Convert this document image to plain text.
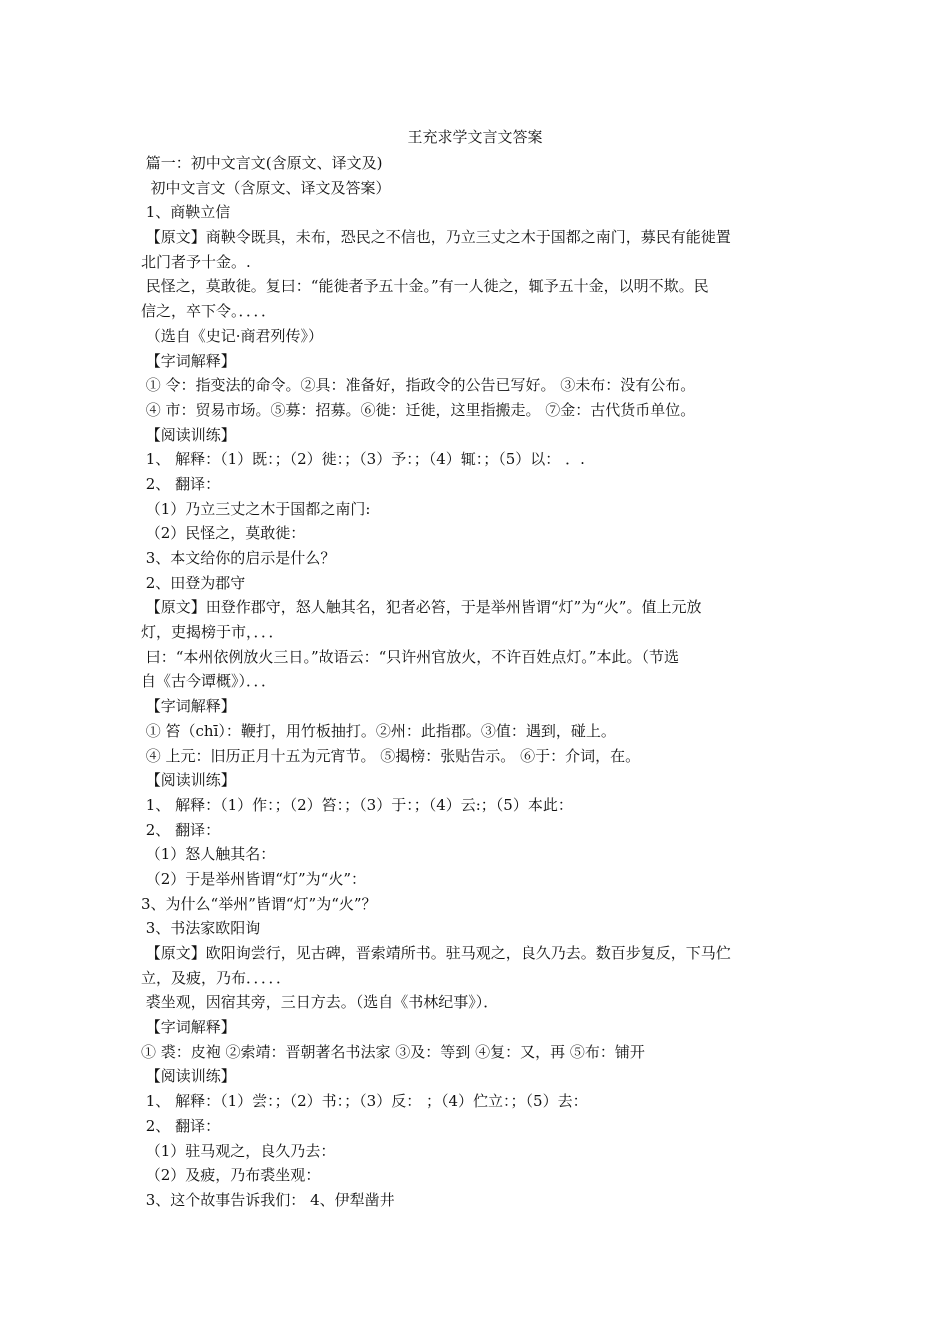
王充求学文言文答案
篇一：初中文言文(含原文、译文及)
初中文言文（含原文、译文及答案）
1、商鞅立信
【原文】商鞅令既具，未布，恐民之不信也，乃立三丈之木于国都之南门，募民有能徙置
北门者予十金。.
民怪之，莫敢徙。复曰：“能徙者予五十金。”有一人徙之，辄予五十金，以明不欺。民
信之，卒下令。．．．．
（选自《史记·商君列传》）
【字词解释】
① 令：指变法的命令。②具：准备好，指政令的公告已写好。 ③未布：没有公布。
④ 市：贸易市场。⑤募：招募。⑥徙：迁徙，这里指搬走。 ⑦金：古代货币单位。
【阅读训练】
1、 解释：（1）既：；（2）徙：；（3）予：；（4）辄：；（5）以： ．.
2、 翻译：
（1）乃立三丈之木于国都之南门:
（2）民怪之，莫敢徙：
3、本文给你的启示是什么？
2、田登为郡守
【原文】田登作郡守，怒人触其名，犯者必笞，于是举州皆谓“灯”为“火”。值上元放
灯，吏揭榜于市，．．．
曰：“本州依例放火三日。”故语云：“只许州官放火，不许百姓点灯。”本此。（节选
自《古今谭概》）．．．
【字词解释】
① 笞（chī）：鞭打，用竹板抽打。②州：此指郡。③值：遇到，碰上。
④ 上元：旧历正月十五为元宵节。 ⑤揭榜：张贴告示。 ⑥于：介词，在。
【阅读训练】
1、 解释：（1）作：；（2）笞：；（3）于：；（4）云:；（5）本此：
2、 翻译：
（1）怒人触其名：
（2）于是举州皆谓“灯”为“火”：
3、为什么“举州”皆谓“灯”为“火”？
3、书法家欧阳询
【原文】欧阳询尝行，见古碑，晋索靖所书。驻马观之，良久乃去。数百步复反，下马伫
立，及疲，乃布．．．．．
裘坐观，因宿其旁，三日方去。（选自《书林纪事》）．
【字词解释】
① 裘：皮袍 ②索靖：晋朝著名书法家 ③及：等到 ④复：又，再 ⑤布：铺开
【阅读训练】
1、 解释：（1）尝：；（2）书：；（3）反： ；（4）伫立：；（5）去：
2、 翻译：
（1）驻马观之，良久乃去：
（2）及疲，乃布裘坐观：
3、这个故事告诉我们： 4、伊犁凿井
